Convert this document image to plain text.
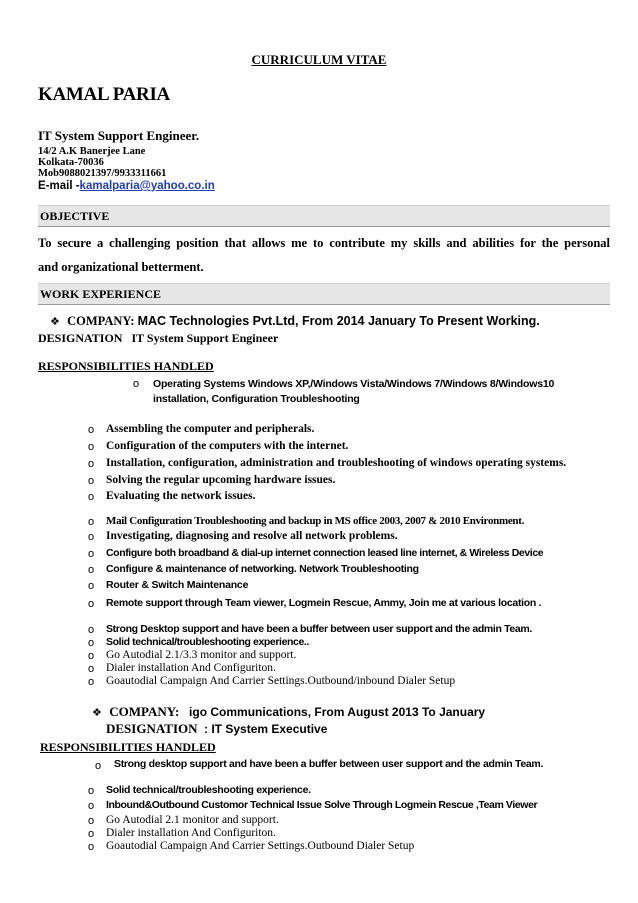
CURRICULUM VITAE
KAMAL PARIA
IT System Support Engineer.
14/2 A.K Banerjee Lane
Kolkata-70036
Mob9088021397/9933311661
E-mail -kamalparia@yahoo.co.in
OBJECTIVE
To secure a challenging position that allows me to contribute my skills and abilities for the personal
and organizational betterment.
WORK EXPERIENCE
❖ COMPANY: MAC Technologies Pvt.Ltd, From 2014 January To Present Working.
DESIGNATION IT System Support Engineer
RESPONSIBILITIES HANDLED
o Operating Systems Windows XP,/Windows Vista/Windows 7/Windows 8/Windows10
installation, Configuration Troubleshooting
o Assembling the computer and peripherals.
o Configuration of the computers with the internet.
o Installation, configuration, administration and troubleshooting of windows operating systems.
o Solving the regular upcoming hardware issues.
o Evaluating the network issues.
o Mail Configuration Troubleshooting and backup in MS office 2003, 2007 & 2010 Environment.
o Investigating, diagnosing and resolve all network problems.
o Configure both broadband & dial-up internet connection leased line internet, & Wireless Device
o Configure & maintenance of networking. Network Troubleshooting
o Router & Switch Maintenance
o Remote support through Team viewer, Logmein Rescue, Ammy, Join me at various location .
o Strong Desktop support and have been a buffer between user support and the admin Team.
o Solid technical/troubleshooting experience..
o Go Autodial 2.1/3.3 monitor and support.
o Dialer installation And Configuriton.
o Goautodial Campaign And Carrier Settings.Outbound/inbound Dialer Setup
❖ COMPANY: igo Communications, From August 2013 To January
DESIGNATION : IT System Executive
RESPONSIBILITIES HANDLED
o Strong desktop support and have been a buffer between user support and the admin Team.
o Solid technical/troubleshooting experience.
o Inbound&Outbound Customor Technical Issue Solve Through Logmein Rescue ,Team Viewer
o Go Autodial 2.1 monitor and support.
o Dialer installation And Configuriton.
o Goautodial Campaign And Carrier Settings.Outbound Dialer Setup
